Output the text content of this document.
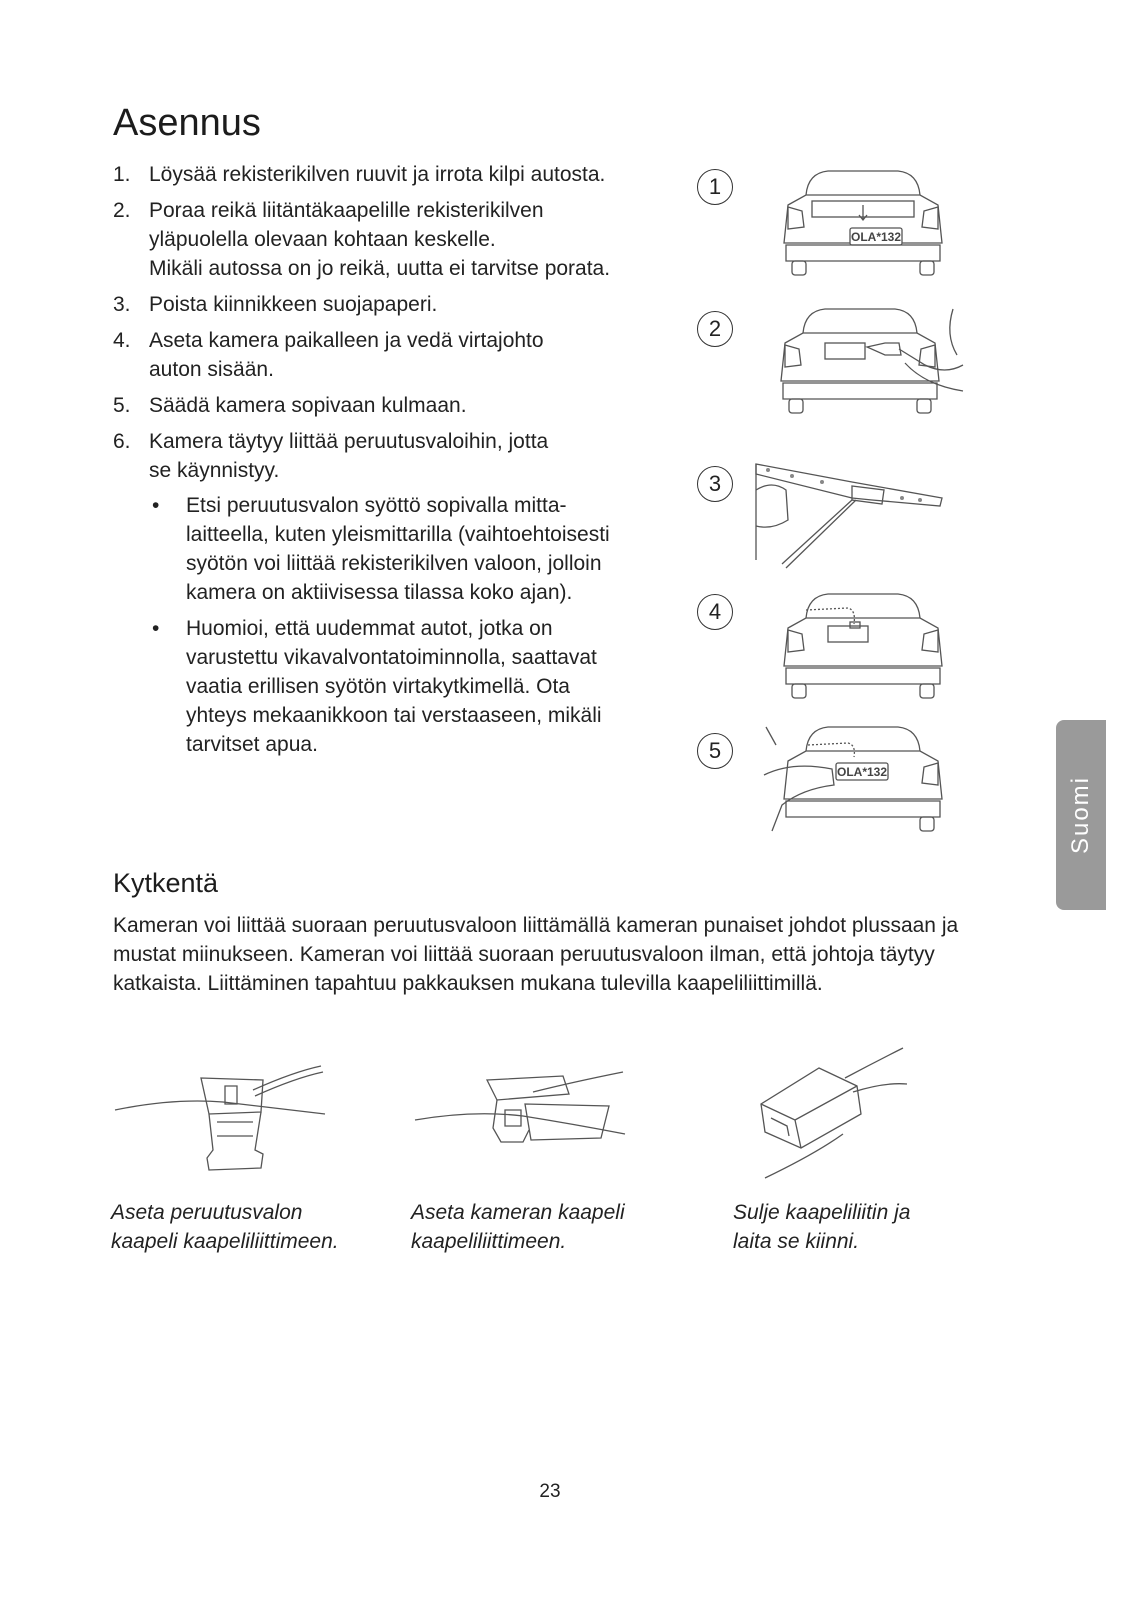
Asennus
1. Löysää rekisterikilven ruuvit ja irrota kilpi autosta.
2. Poraa reikä liitäntäkaapelille rekisterikilven
yläpuolella olevaan kohtaan keskelle.
Mikäli autossa on jo reikä, uutta ei tarvitse porata.
3. Poista kiinnikkeen suojapaperi.
4. Aseta kamera paikalleen ja vedä virtajohto
auton sisään.
5. Säädä kamera sopivaan kulmaan.
6. Kamera täytyy liittää peruutusvaloihin, jotta
se käynnistyy.
• Etsi peruutusvalon syöttö sopivalla mitta-
laitteella, kuten yleismittarilla (vaihtoehtoisesti
syötön voi liittää rekisterikilven valoon, jolloin
kamera on aktiivisessa tilassa koko ajan).
• Huomioi, että uudemmat autot, jotka on
varustettu vikavalvontatoiminnolla, saattavat
vaatia erillisen syötön virtakytkimellä. Ota
yhteys mekaanikkoon tai verstaaseen, mikäli
tarvitset apua.
1
OLA*132
2
3
4
5
OLA*132
Kytkentä

Kameran voi liittää suoraan peruutusvaloon liittämällä kameran punaiset johdot plussaan ja mustat miinukseen. Kameran voi liittää suoraan peruutusvaloon ilman, että johtoja täytyy katkaista. Liittäminen tapahtuu pakkauksen mukana tulevilla kaapeliliittimillä.

Aseta peruutusvalon
kaapeli kaapeliliittimeen.

Aseta kameran kaapeli
kaapeliliittimeen.

Sulje kaapeliliitin ja
laita se kiinni.

Suomi
23
